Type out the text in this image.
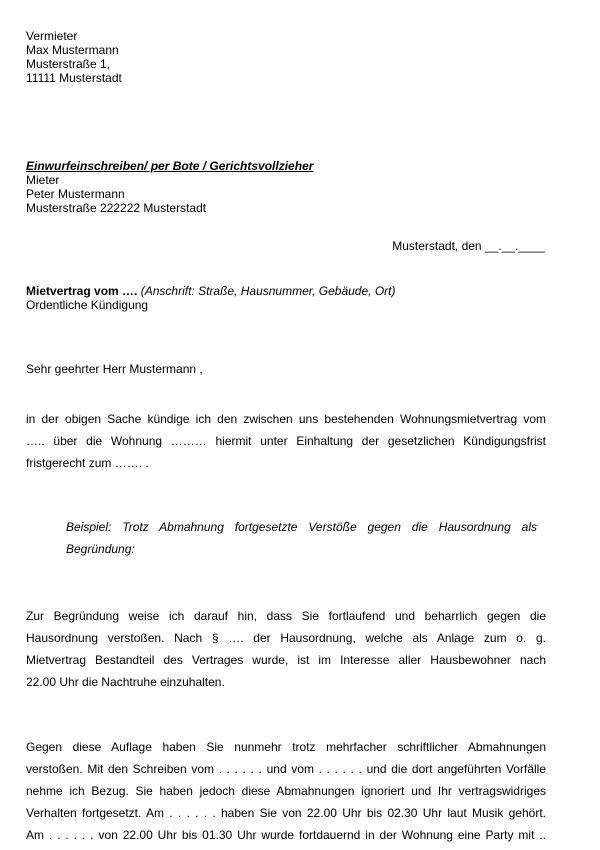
Vermieter
Max Mustermann
Musterstraße 1,
11111 Musterstadt
Einwurfeinschreiben/ per Bote / Gerichtsvollzieher
Mieter
Peter Mustermann
Musterstraße 222222 Musterstadt
Musterstadt, den __.__.____
Mietvertrag vom …. (Anschrift: Straße, Hausnummer, Gebäude, Ort)
Ordentliche Kündigung
Sehr geehrter Herr Mustermann ,
in der obigen Sache kündige ich den zwischen uns bestehenden Wohnungsmietvertrag vom
….. über die Wohnung ……… hiermit unter Einhaltung der gesetzlichen Kündigungsfrist
fristgerecht zum ……. .
Beispiel: Trotz Abmahnung fortgesetzte Verstöße gegen die Hausordnung als
Begründung:
Zur Begründung weise ich darauf hin, dass Sie fortlaufend und beharrlich gegen die
Hausordnung verstoßen. Nach § …. der Hausordnung, welche als Anlage zum o. g.
Mietvertrag Bestandteil des Vertrages wurde, ist im Interesse aller Hausbewohner nach
22.00 Uhr die Nachtruhe einzuhalten.
Gegen diese Auflage haben Sie nunmehr trotz mehrfacher schriftlicher Abmahnungen
verstoßen. Mit den Schreiben vom . . . . . . und vom . . . . . . und die dort angeführten Vorfälle
nehme ich Bezug. Sie haben jedoch diese Abmahnungen ignoriert und Ihr vertragswidriges
Verhalten fortgesetzt. Am . . . . . . haben Sie von 22.00 Uhr bis 02.30 Uhr laut Musik gehört.
Am . . . . . . von 22.00 Uhr bis 01.30 Uhr wurde fortdauernd in der Wohnung eine Party mit ..
